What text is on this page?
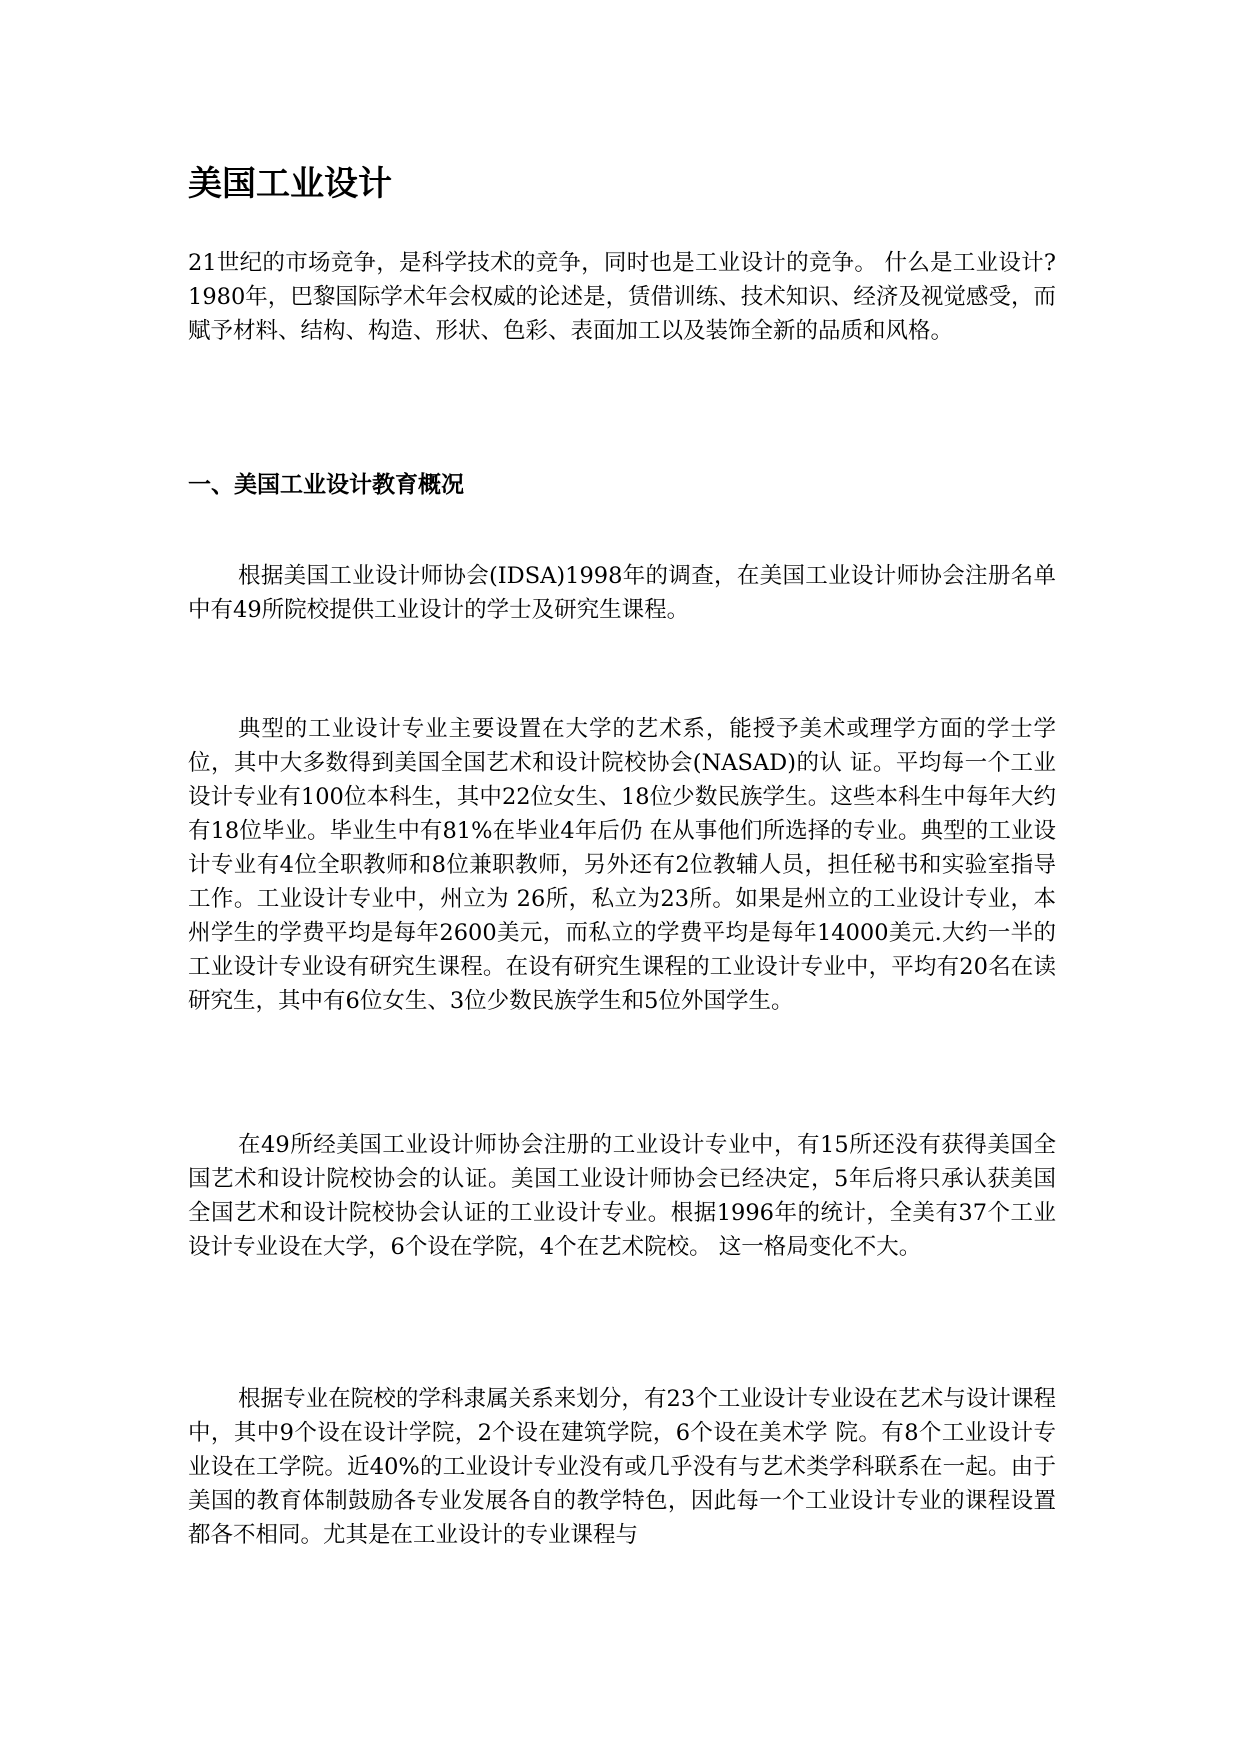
美国工业设计

21世纪的市场竞争，是科学技术的竞争，同时也是工业设计的竞争。 什么是工业设计?1980年，巴黎国际学术年会权威的论述是，赁借训练、技术知识、经济及视觉感受，而赋予材料、结构、构造、形状、色彩、表面加工以及装饰全新的品质和风格。

一、美国工业设计教育概况

根据美国工业设计师协会(IDSA)1998年的调查，在美国工业设计师协会注册名单中有49所院校提供工业设计的学士及研究生课程。

典型的工业设计专业主要设置在大学的艺术系，能授予美术或理学方面的学士学位，其中大多数得到美国全国艺术和设计院校协会(NASAD)的认 证。平均每一个工业设计专业有100位本科生，其中22位女生、18位少数民族学生。这些本科生中每年大约有18位毕业。毕业生中有81%在毕业4年后仍 在从事他们所选择的专业。典型的工业设计专业有4位全职教师和8位兼职教师，另外还有2位教辅人员，担任秘书和实验室指导工作。工业设计专业中，州立为 26所，私立为23所。如果是州立的工业设计专业，本州学生的学费平均是每年2600美元，而私立的学费平均是每年14000美元.大约一半的工业设计专业设有研究生课程。在设有研究生课程的工业设计专业中，平均有20名在读研究生，其中有6位女生、3位少数民族学生和5位外国学生。

在49所经美国工业设计师协会注册的工业设计专业中，有15所还没有获得美国全国艺术和设计院校协会的认证。美国工业设计师协会已经决定，5年后将只承认获美国全国艺术和设计院校协会认证的工业设计专业。根据1996年的统计，全美有37个工业设计专业设在大学，6个设在学院，4个在艺术院校。 这一格局变化不大。

根据专业在院校的学科隶属关系来划分，有23个工业设计专业设在艺术与设计课程中，其中9个设在设计学院，2个设在建筑学院，6个设在美术学 院。有8个工业设计专业设在工学院。近40%的工业设计专业没有或几乎没有与艺术类学科联系在一起。由于美国的教育体制鼓励各专业发展各自的教学特色，因此每一个工业设计专业的课程设置都各不相同。尤其是在工业设计的专业课程与
